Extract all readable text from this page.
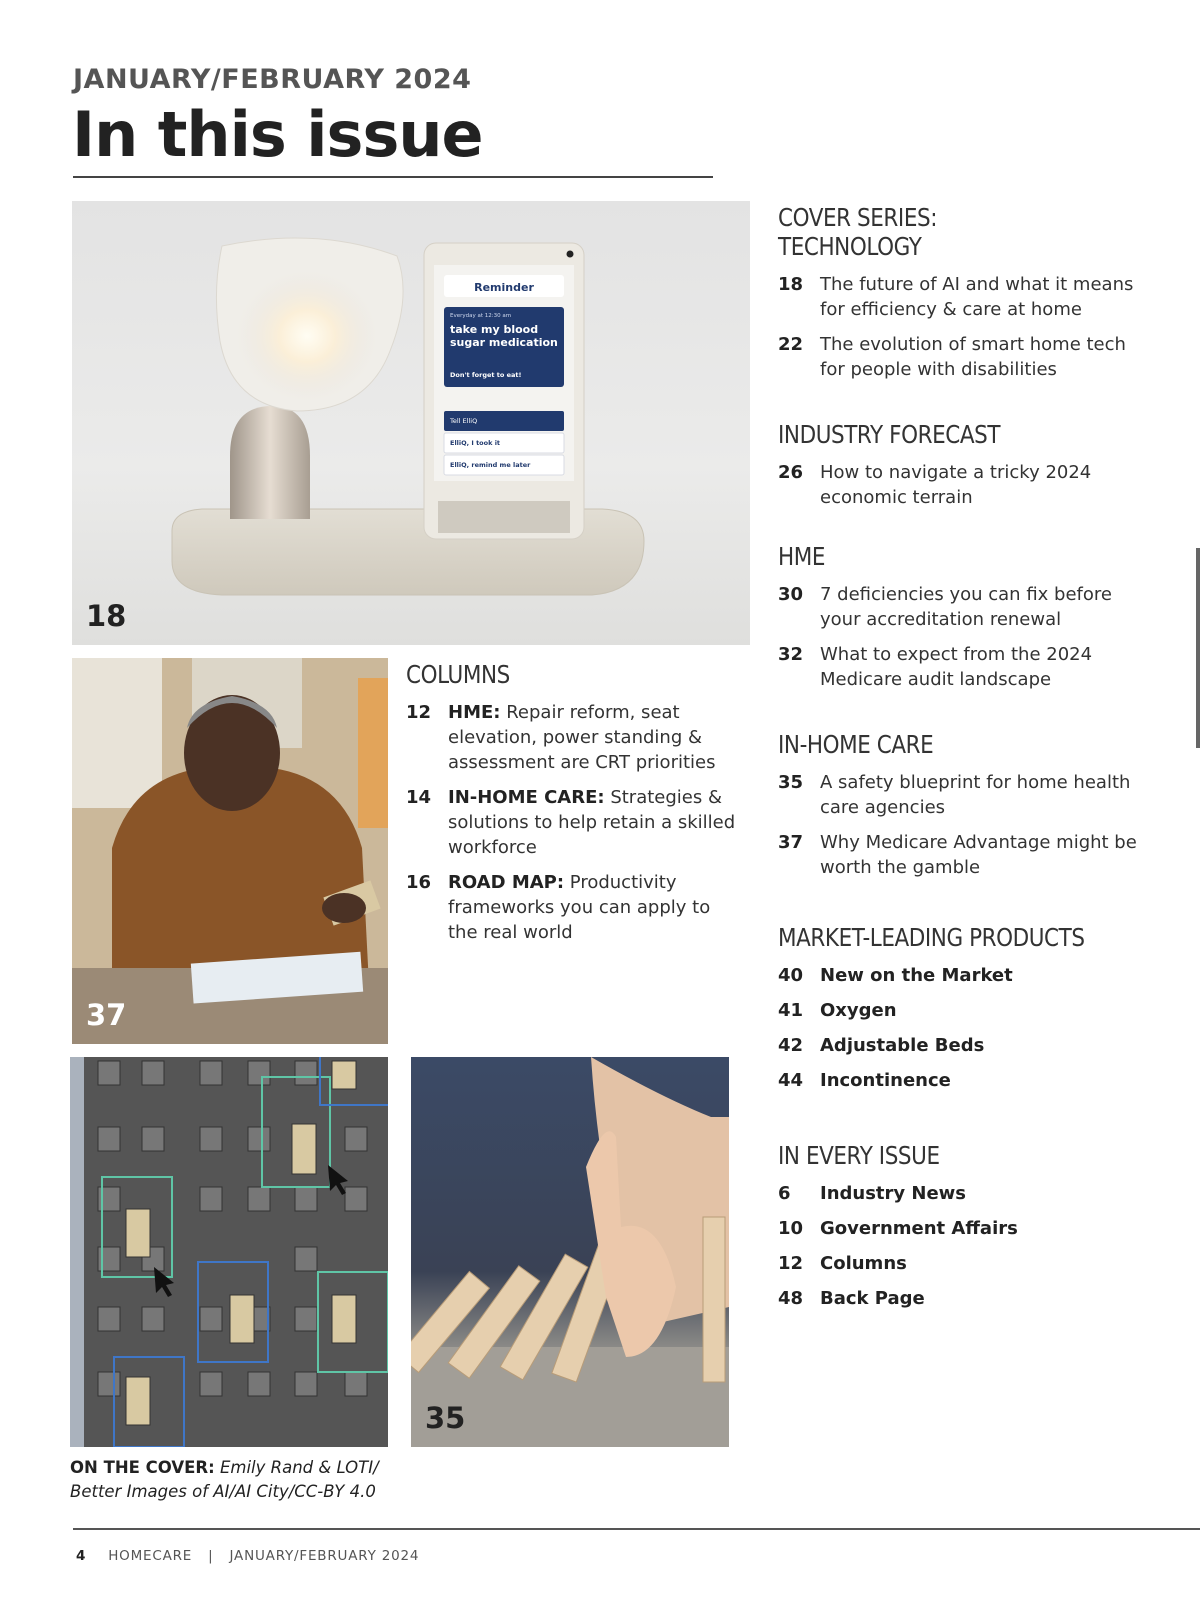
JANUARY/FEBRUARY 2024
In this issue
Reminder
Everyday at 12:30 am
take my blood sugar medication
Don't forget to eat!
Tell ElliQ
ElliQ, I took it
ElliQ, remind me later
18
37
35
ON THE COVER: Emily Rand & LOTI/ Better Images of AI/AI City/CC-BY 4.0
COLUMNS
12 HME: Repair reform, seat elevation, power standing & assessment are CRT priorities
14 IN-HOME CARE: Strategies & solutions to help retain a skilled workforce
16 ROAD MAP: Productivity frameworks you can apply to the real world
COVER SERIES:
TECHNOLOGY
18 The future of AI and what it means for efficiency & care at home
22 The evolution of smart home tech for people with disabilities
INDUSTRY FORECAST
26 How to navigate a tricky 2024 economic terrain
HME
30 7 deficiencies you can fix before your accreditation renewal
32 What to expect from the 2024 Medicare audit landscape
IN-HOME CARE
35 A safety blueprint for home health care agencies
37 Why Medicare Advantage might be worth the gamble
MARKET-LEADING PRODUCTS
40 New on the Market
41 Oxygen
42 Adjustable Beds
44 Incontinence
IN EVERY ISSUE
6	Industry News
10 Government Affairs
12 Columns
48 Back Page
4 HOMECARE | JANUARY/FEBRUARY 2024
